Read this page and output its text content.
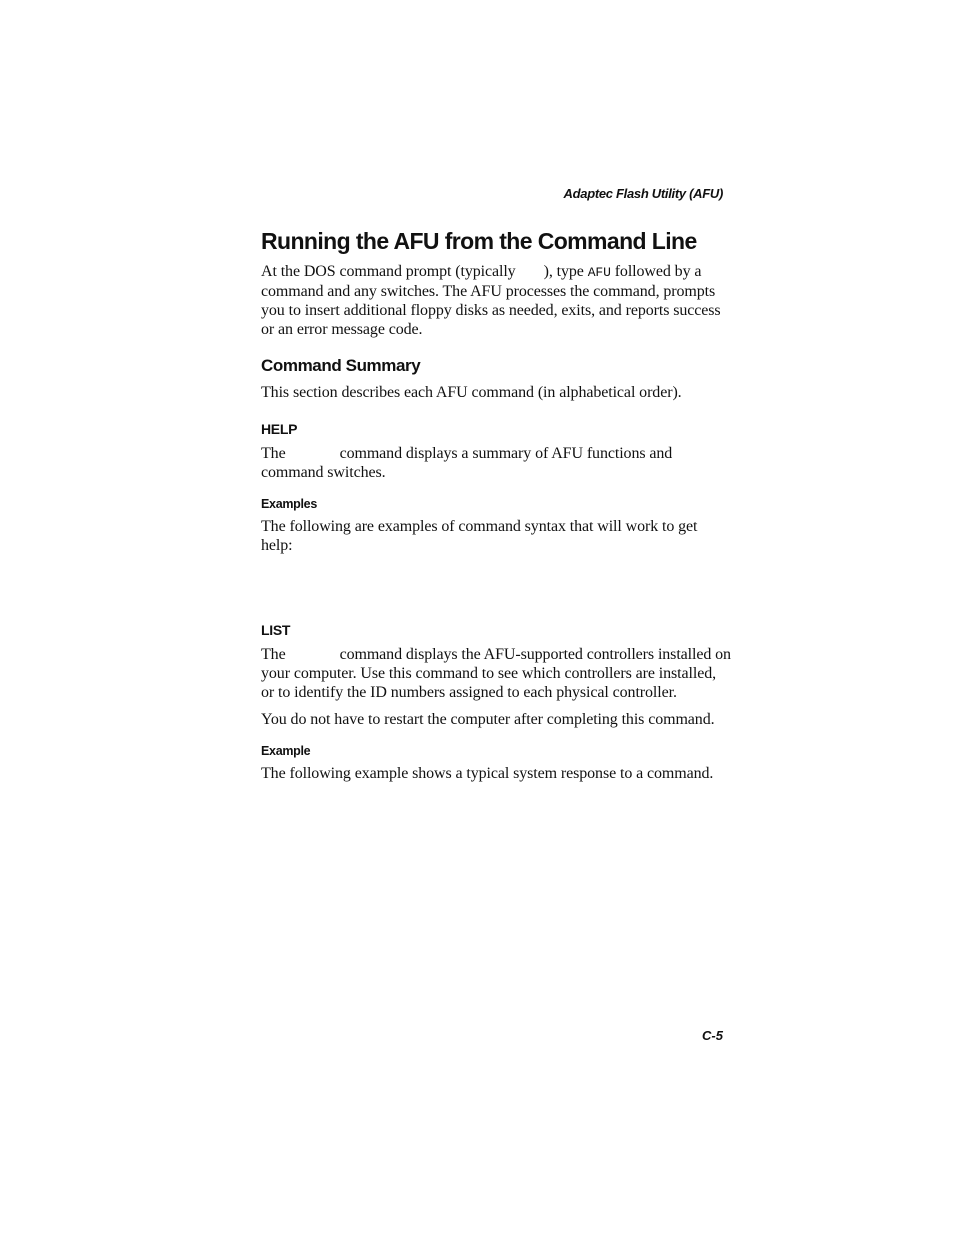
Adaptec Flash Utility (AFU)
Running the AFU from the Command Line

At the DOS command prompt (typically ), type AFU followed by a command and any switches. The AFU processes the command, prompts you to insert additional floppy disks as needed, exits, and reports success or an error message code.

Command Summary

This section describes each AFU command (in alphabetical order).

HELP

The	command displays a summary of AFU functions and command switches.

Examples

The following are examples of command syntax that will work to get help:

LIST

The	command displays the AFU-supported controllers installed on your computer. Use this command to see which controllers are installed, or to identify the ID numbers assigned to each physical controller.

You do not have to restart the computer after completing this command.

Example

The following example shows a typical system response to a command.

C-5
